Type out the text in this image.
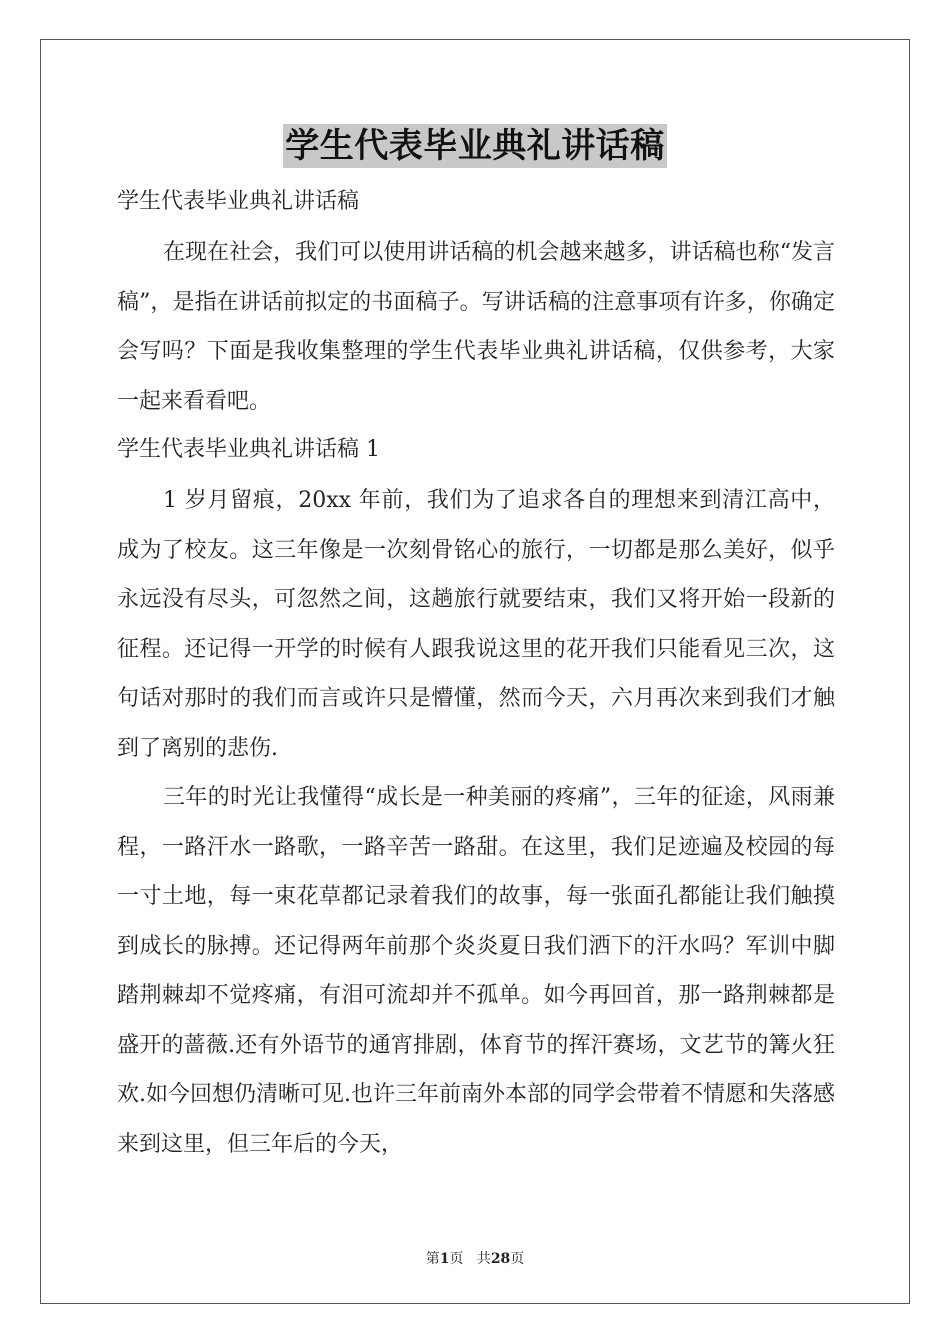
学生代表毕业典礼讲话稿

学生代表毕业典礼讲话稿

在现在社会，我们可以使用讲话稿的机会越来越多，讲话稿也称“发言稿”，是指在讲话前拟定的书面稿子。写讲话稿的注意事项有许多，你确定会写吗？下面是我收集整理的学生代表毕业典礼讲话稿，仅供参考，大家一起来看看吧。

学生代表毕业典礼讲话稿 1

1 岁月留痕，20xx 年前，我们为了追求各自的理想来到清江高中，成为了校友。这三年像是一次刻骨铭心的旅行，一切都是那么美好，似乎永远没有尽头，可忽然之间，这趟旅行就要结束，我们又将开始一段新的征程。还记得一开学的时候有人跟我说这里的花开我们只能看见三次，这句话对那时的我们而言或许只是懵懂，然而今天，六月再次来到我们才触到了离别的悲伤.

三年的时光让我懂得“成长是一种美丽的疼痛”，三年的征途，风雨兼程，一路汗水一路歌，一路辛苦一路甜。在这里，我们足迹遍及校园的每一寸土地，每一束花草都记录着我们的故事，每一张面孔都能让我们触摸到成长的脉搏。还记得两年前那个炎炎夏日我们洒下的汗水吗？军训中脚踏荆棘却不觉疼痛，有泪可流却并不孤单。如今再回首，那一路荆棘都是盛开的蔷薇.还有外语节的通宵排剧，体育节的挥汗赛场，文艺节的篝火狂欢.如今回想仍清晰可见.也许三年前南外本部的同学会带着不情愿和失落感来到这里，但三年后的今天，

第1页 共28页
